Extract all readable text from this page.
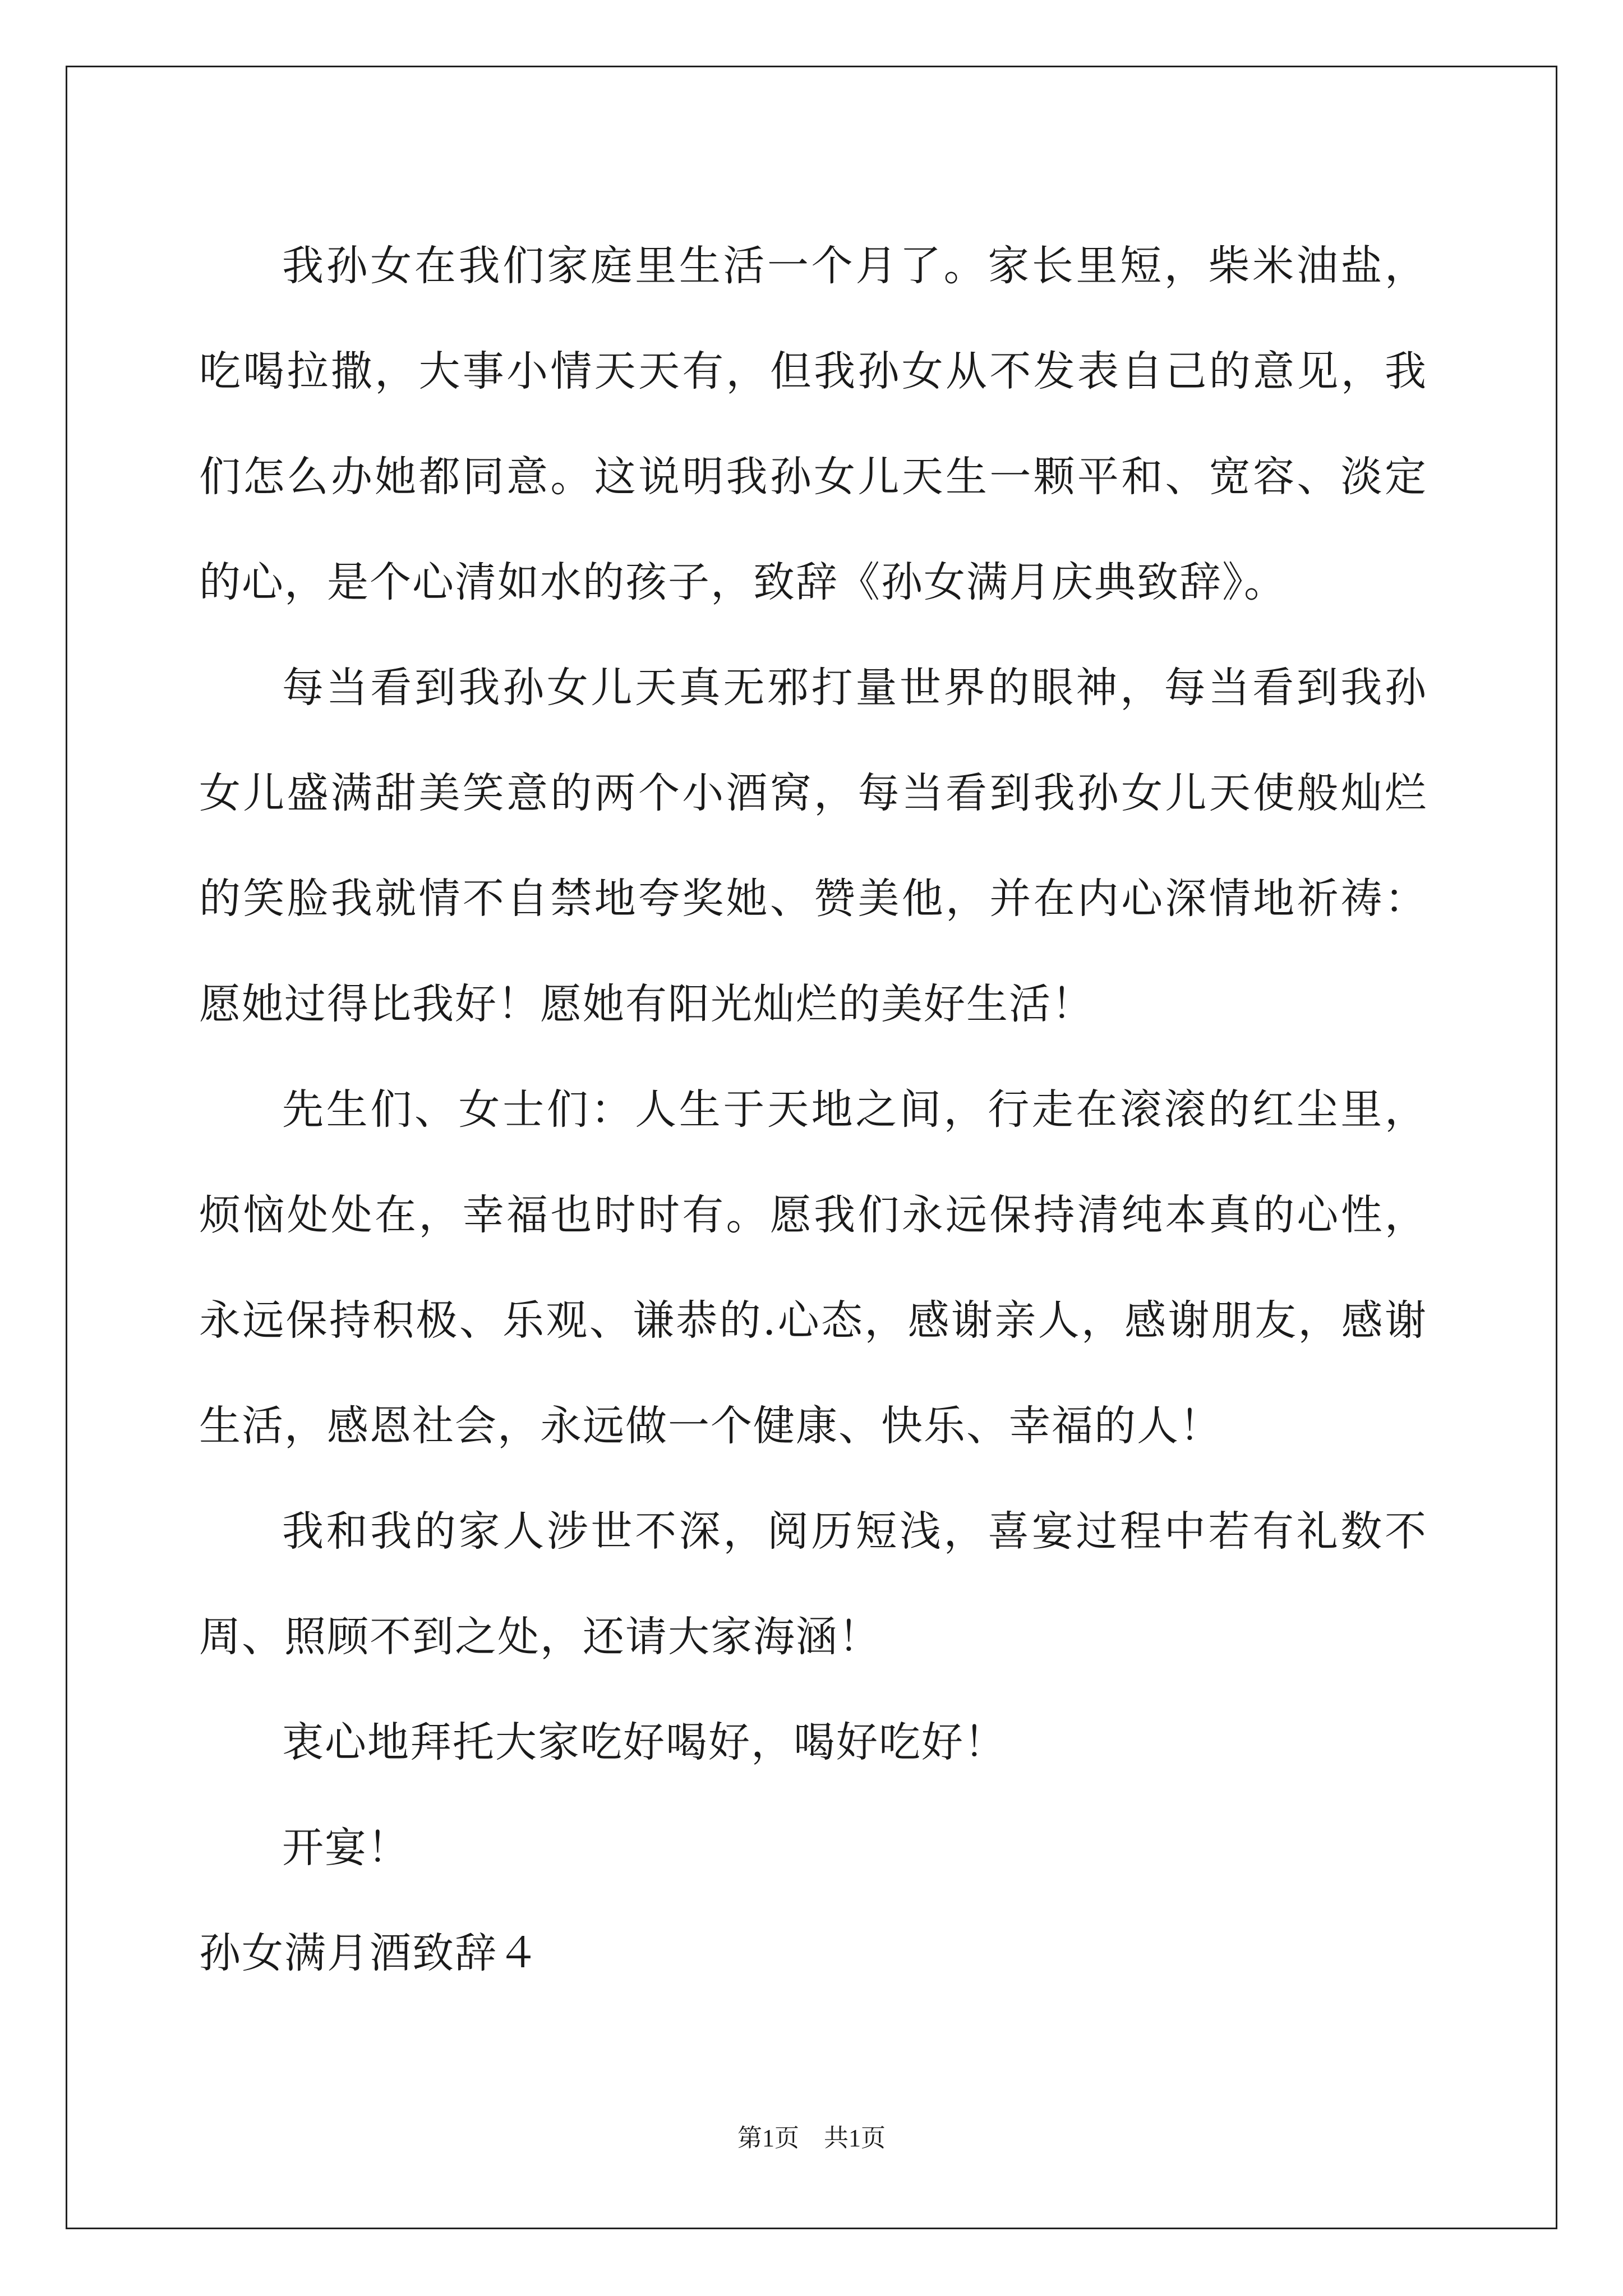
我孙女在我们家庭里生活一个月了。家长里短，柴米油盐，吃喝拉撒，大事小情天天有，但我孙女从不发表自己的意见，我们怎么办她都同意。这说明我孙女儿天生一颗平和、宽容、淡定的心，是个心清如水的孩子，致辞《孙女满月庆典致辞》。

每当看到我孙女儿天真无邪打量世界的眼神，每当看到我孙女儿盛满甜美笑意的两个小酒窝，每当看到我孙女儿天使般灿烂的笑脸我就情不自禁地夸奖她、赞美他，并在内心深情地祈祷：愿她过得比我好！愿她有阳光灿烂的美好生活！

先生们、女士们：人生于天地之间，行走在滚滚的红尘里，烦恼处处在，幸福也时时有。愿我们永远保持清纯本真的心性，永远保持积极、乐观、谦恭的.心态，感谢亲人，感谢朋友，感谢生活，感恩社会，永远做一个健康、快乐、幸福的人！

我和我的家人涉世不深，阅历短浅，喜宴过程中若有礼数不周、照顾不到之处，还请大家海涵！

衷心地拜托大家吃好喝好，喝好吃好！

开宴！

孙女满月酒致辞４

第1页　共1页
